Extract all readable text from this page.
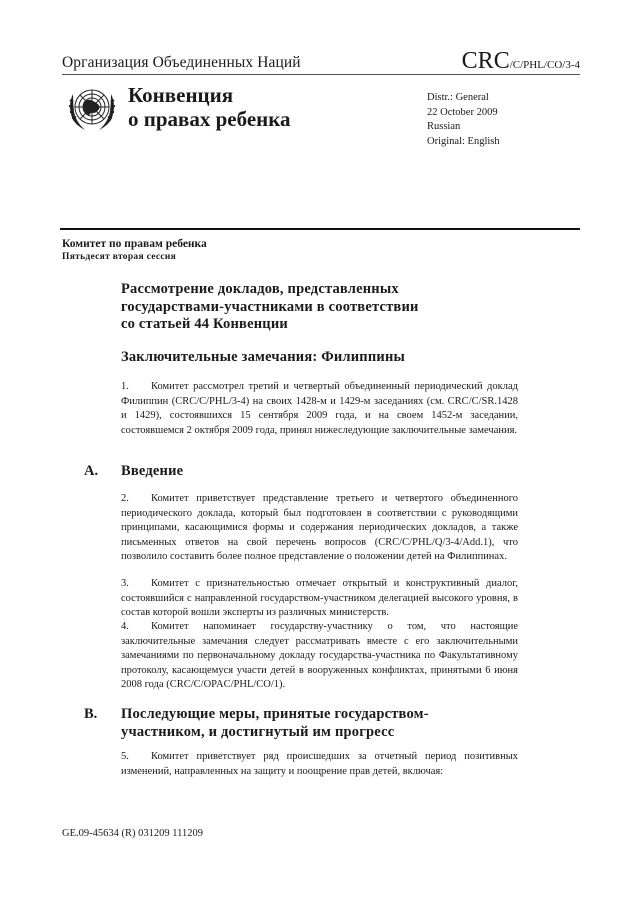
Организация Объединенных Наций	CRC/C/PHL/CO/3-4
Конвенция
о правах ребенка
Distr.: General
22 October 2009
Russian
Original: English
Комитет по правам ребенка
Пятьдесят вторая сессия
Рассмотрение докладов, представленных
государствами-участниками в соответствии
со статьей 44 Конвенции
Заключительные замечания: Филиппины
1. Комитет рассмотрел третий и четвертый объединенный периодический доклад Филиппин (CRC/C/PHL/3-4) на своих 1428-м и 1429-м заседаниях (см. CRC/C/SR.1428 и 1429), состоявшихся 15 сентября 2009 года, и на своем 1452-м заседании, состоявшемся 2 октября 2009 года, принял нижеследующие заключительные замечания.
A. Введение
2. Комитет приветствует представление третьего и четвертого объединенного периодического доклада, который был подготовлен в соответствии с руководящими принципами, касающимися формы и содержания периодических докладов, а также письменных ответов на свой перечень вопросов (CRC/C/PHL/Q/3-4/Add.1), что позволило составить более полное представление о положении детей на Филиппинах.
3. Комитет с признательностью отмечает открытый и конструктивный диалог, состоявшийся с направленной государством-участником делегацией высокого уровня, в состав которой вошли эксперты из различных министерств.
4. Комитет напоминает государству-участнику о том, что настоящие заключительные замечания следует рассматривать вместе с его заключительными замечаниями по первоначальному докладу государства-участника по Факультативному протоколу, касающемуся участи детей в вооруженных конфликтах, принятыми 6 июня 2008 года (CRC/C/OPAC/PHL/CO/1).
B. Последующие меры, принятые государством-
участником, и достигнутый им прогресс
5. Комитет приветствует ряд происшедших за отчетный период позитивных изменений, направленных на защиту и поощрение прав детей, включая:
GE.09-45634 (R) 031209 111209
